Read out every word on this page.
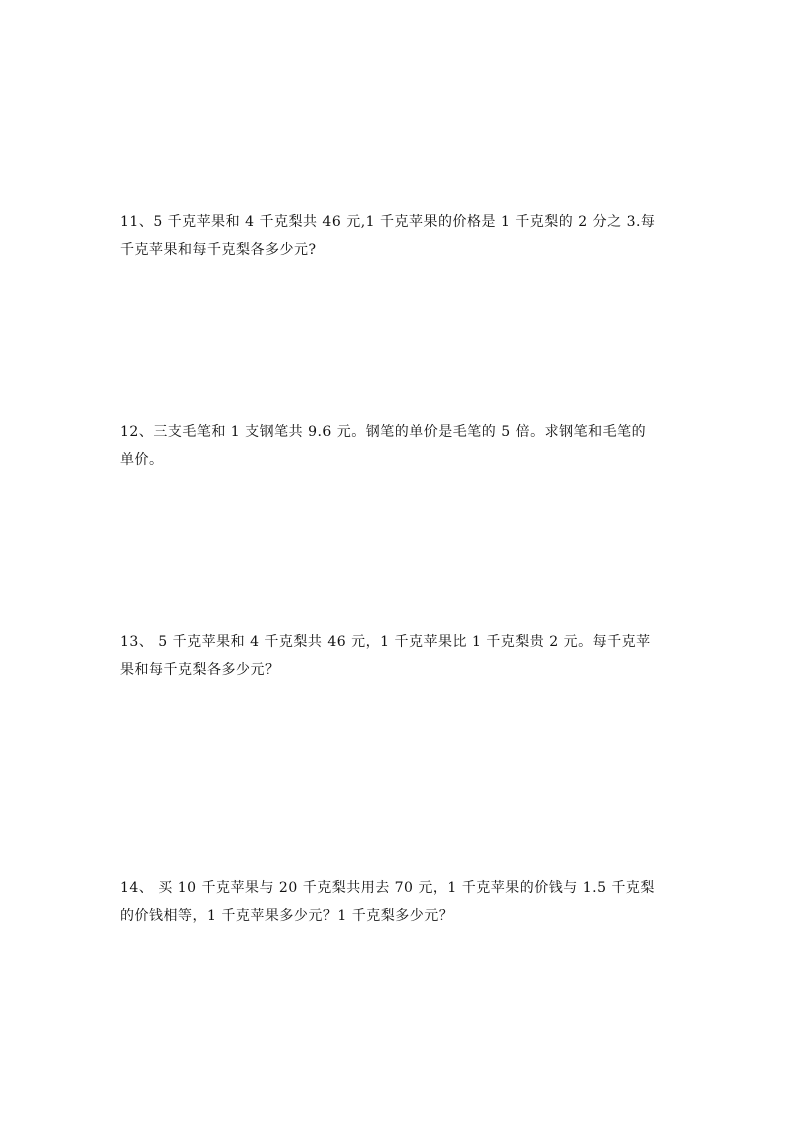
11、5 千克苹果和 4 千克梨共 46 元,1 千克苹果的价格是 1 千克梨的 2 分之 3.每
千克苹果和每千克梨各多少元?
12、三支毛笔和 1 支钢笔共 9.6 元。钢笔的单价是毛笔的 5 倍。求钢笔和毛笔的
单价。
13、 5 千克苹果和 4 千克梨共 46 元，1 千克苹果比 1 千克梨贵 2 元。每千克苹
果和每千克梨各多少元？
14、 买 10 千克苹果与 20 千克梨共用去 70 元，1 千克苹果的价钱与 1.5 千克梨
的价钱相等，1 千克苹果多少元？1 千克梨多少元？
